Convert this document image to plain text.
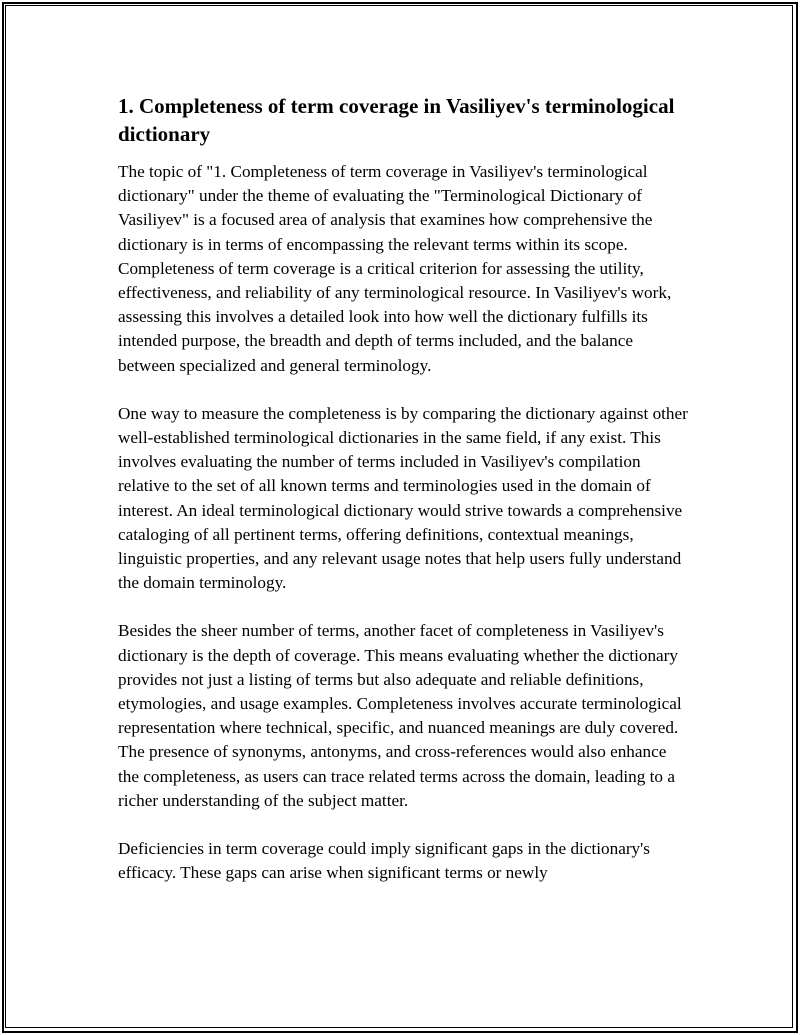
1. Completeness of term coverage in Vasiliyev's terminological dictionary

The topic of "1. Completeness of term coverage in Vasiliyev's terminological dictionary" under the theme of evaluating the "Terminological Dictionary of Vasiliyev" is a focused area of analysis that examines how comprehensive the dictionary is in terms of encompassing the relevant terms within its scope. Completeness of term coverage is a critical criterion for assessing the utility, effectiveness, and reliability of any terminological resource. In Vasiliyev's work, assessing this involves a detailed look into how well the dictionary fulfills its intended purpose, the breadth and depth of terms included, and the balance between specialized and general terminology.

One way to measure the completeness is by comparing the dictionary against other well-established terminological dictionaries in the same field, if any exist. This involves evaluating the number of terms included in Vasiliyev's compilation relative to the set of all known terms and terminologies used in the domain of interest. An ideal terminological dictionary would strive towards a comprehensive cataloging of all pertinent terms, offering definitions, contextual meanings, linguistic properties, and any relevant usage notes that help users fully understand the domain terminology.

Besides the sheer number of terms, another facet of completeness in Vasiliyev's dictionary is the depth of coverage. This means evaluating whether the dictionary provides not just a listing of terms but also adequate and reliable definitions, etymologies, and usage examples. Completeness involves accurate terminological representation where technical, specific, and nuanced meanings are duly covered. The presence of synonyms, antonyms, and cross-references would also enhance the completeness, as users can trace related terms across the domain, leading to a richer understanding of the subject matter.

Deficiencies in term coverage could imply significant gaps in the dictionary's efficacy. These gaps can arise when significant terms or newly
